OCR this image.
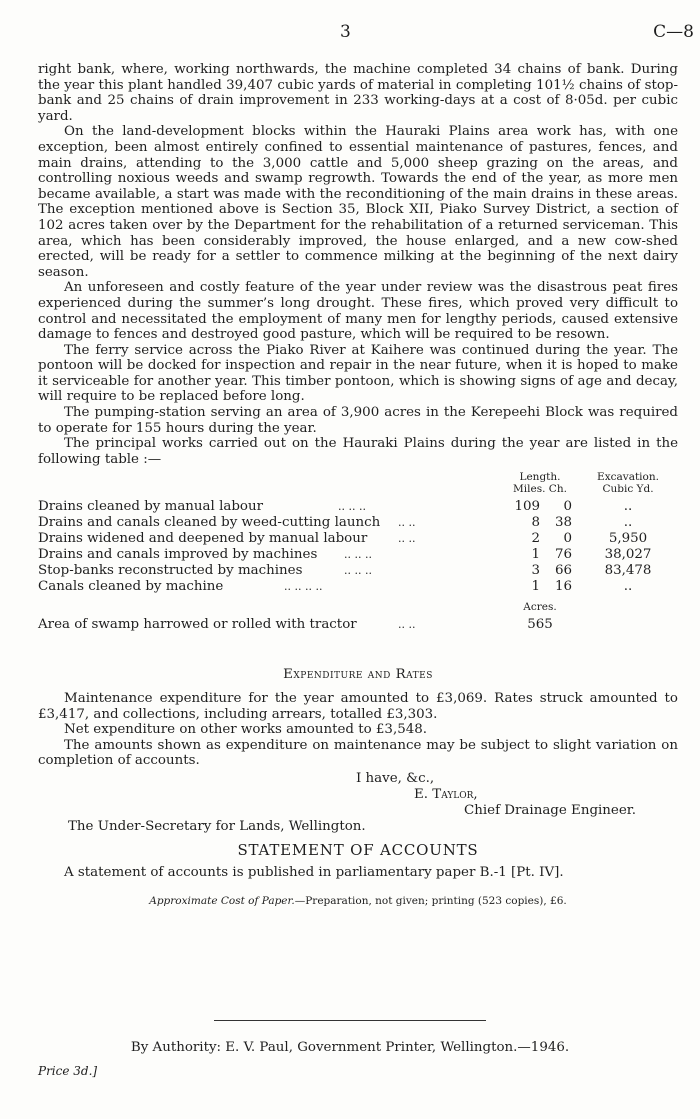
3	C—8

right bank, where, working northwards, the machine completed 34 chains of bank. During the year this plant handled 39,407 cubic yards of material in completing 101½ chains of stop-bank and 25 chains of drain improvement in 233 working-days at a cost of 8·05d. per cubic yard.

On the land-development blocks within the Hauraki Plains area work has, with one exception, been almost entirely confined to essential maintenance of pastures, fences, and main drains, attending to the 3,000 cattle and 5,000 sheep grazing on the areas, and controlling noxious weeds and swamp regrowth. Towards the end of the year, as more men became available, a start was made with the reconditioning of the main drains in these areas. The exception mentioned above is Section 35, Block XII, Piako Survey District, a section of 102 acres taken over by the Department for the rehabilitation of a returned serviceman. This area, which has been considerably improved, the house enlarged, and a new cow-shed erected, will be ready for a settler to commence milking at the beginning of the next dairy season.

An unforeseen and costly feature of the year under review was the disastrous peat fires experienced during the summer’s long drought. These fires, which proved very difficult to control and necessitated the employment of many men for lengthy periods, caused extensive damage to fences and destroyed good pasture, which will be required to be resown.

The ferry service across the Piako River at Kaihere was continued during the year. The pontoon will be docked for inspection and repair in the near future, when it is hoped to make it serviceable for another year. This timber pontoon, which is showing signs of age and decay, will require to be replaced before long.

The pumping-station serving an area of 3,900 acres in the Kerepeehi Block was required to operate for 155 hours during the year.

The principal works carried out on the Hauraki Plains during the year are listed in the following table :—

Length.
Miles. Ch.
Excavation.
Cubic Yd.
Drains cleaned by manual labour	.. .. ..	109	0	..
Drains and canals cleaned by weed-cutting launch .. ..	8	38	..
Drains widened and deepened by manual labour	.. ..	2	0	5,950
Drains and canals improved by machines .. .. ..	1	76	38,027
Stop-banks reconstructed by machines	.. .. ..	3	66	83,478
Canals cleaned by machine	.. .. .. ..	1	16	..
Acres.
Area of swamp harrowed or rolled with tractor	.. ..	565
Expenditure and Rates

Maintenance expenditure for the year amounted to £3,069. Rates struck amounted to £3,417, and collections, including arrears, totalled £3,303.

Net expenditure on other works amounted to £3,548.

The amounts shown as expenditure on maintenance may be subject to slight variation on completion of accounts.

I have, &c.,
E. Taylor,
Chief Drainage Engineer.
The Under-Secretary for Lands, Wellington.
STATEMENT OF ACCOUNTS

A statement of accounts is published in parliamentary paper B.-1 [Pt. IV].

Approximate Cost of Paper.—Preparation, not given; printing (523 copies), £6.
By Authority: E. V. Paul, Government Printer, Wellington.—1946.
Price 3d.]
